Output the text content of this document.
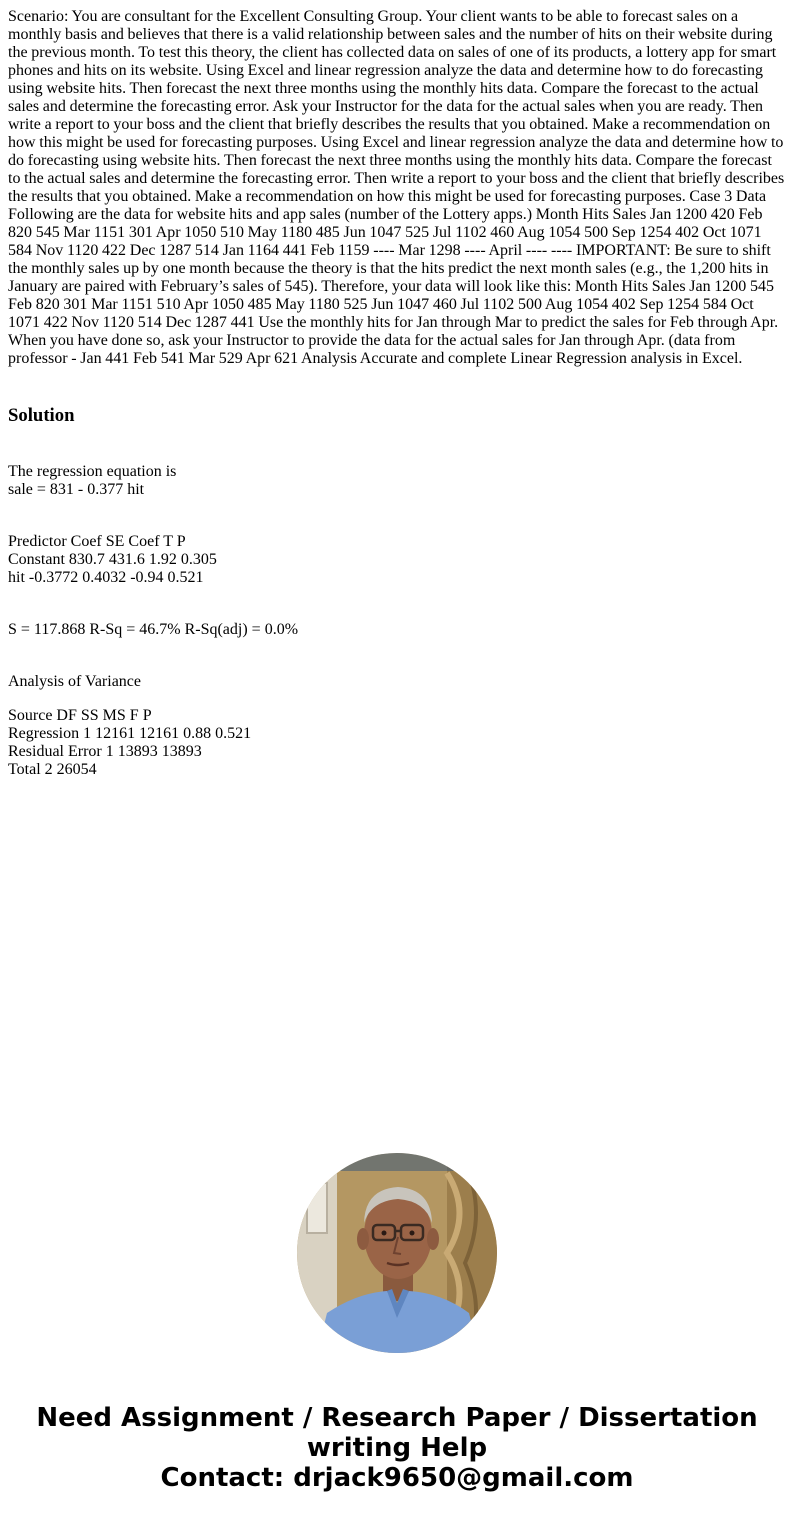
Scenario: You are consultant for the Excellent Consulting Group. Your client wants to be able to forecast sales on a monthly basis and believes that there is a valid relationship between sales and the number of hits on their website during the previous month. To test this theory, the client has collected data on sales of one of its products, a lottery app for smart phones and hits on its website. Using Excel and linear regression analyze the data and determine how to do forecasting using website hits. Then forecast the next three months using the monthly hits data. Compare the forecast to the actual sales and determine the forecasting error. Ask your Instructor for the data for the actual sales when you are ready. Then write a report to your boss and the client that briefly describes the results that you obtained. Make a recommendation on how this might be used for forecasting purposes. Using Excel and linear regression analyze the data and determine how to do forecasting using website hits. Then forecast the next three months using the monthly hits data. Compare the forecast to the actual sales and determine the forecasting error. Then write a report to your boss and the client that briefly describes the results that you obtained. Make a recommendation on how this might be used for forecasting purposes. Case 3 Data Following are the data for website hits and app sales (number of the Lottery apps.) Month Hits Sales Jan 1200 420 Feb 820 545 Mar 1151 301 Apr 1050 510 May 1180 485 Jun 1047 525 Jul 1102 460 Aug 1054 500 Sep 1254 402 Oct 1071 584 Nov 1120 422 Dec 1287 514 Jan 1164 441 Feb 1159 ---- Mar 1298 ---- April ---- ---- IMPORTANT: Be sure to shift the monthly sales up by one month because the theory is that the hits predict the next month sales (e.g., the 1,200 hits in January are paired with February’s sales of 545). Therefore, your data will look like this: Month Hits Sales Jan 1200 545 Feb 820 301 Mar 1151 510 Apr 1050 485 May 1180 525 Jun 1047 460 Jul 1102 500 Aug 1054 402 Sep 1254 584 Oct 1071 422 Nov 1120 514 Dec 1287 441 Use the monthly hits for Jan through Mar to predict the sales for Feb through Apr. When you have done so, ask your Instructor to provide the data for the actual sales for Jan through Apr. (data from professor - Jan 441 Feb 541 Mar 529 Apr 621 Analysis Accurate and complete Linear Regression analysis in Excel.

Solution

The regression equation is

sale = 831 - 0.377 hit

Predictor Coef SE Coef T P

Constant 830.7 431.6 1.92 0.305

hit -0.3772 0.4032 -0.94 0.521

S = 117.868 R-Sq = 46.7% R-Sq(adj) = 0.0%

Analysis of Variance

Source DF SS MS F P

Regression 1 12161 12161 0.88 0.521

Residual Error 1 13893 13893

Total 2 26054

Need Assignment / Research Paper / Dissertation
writing Help
Contact: drjack9650@gmail.com
